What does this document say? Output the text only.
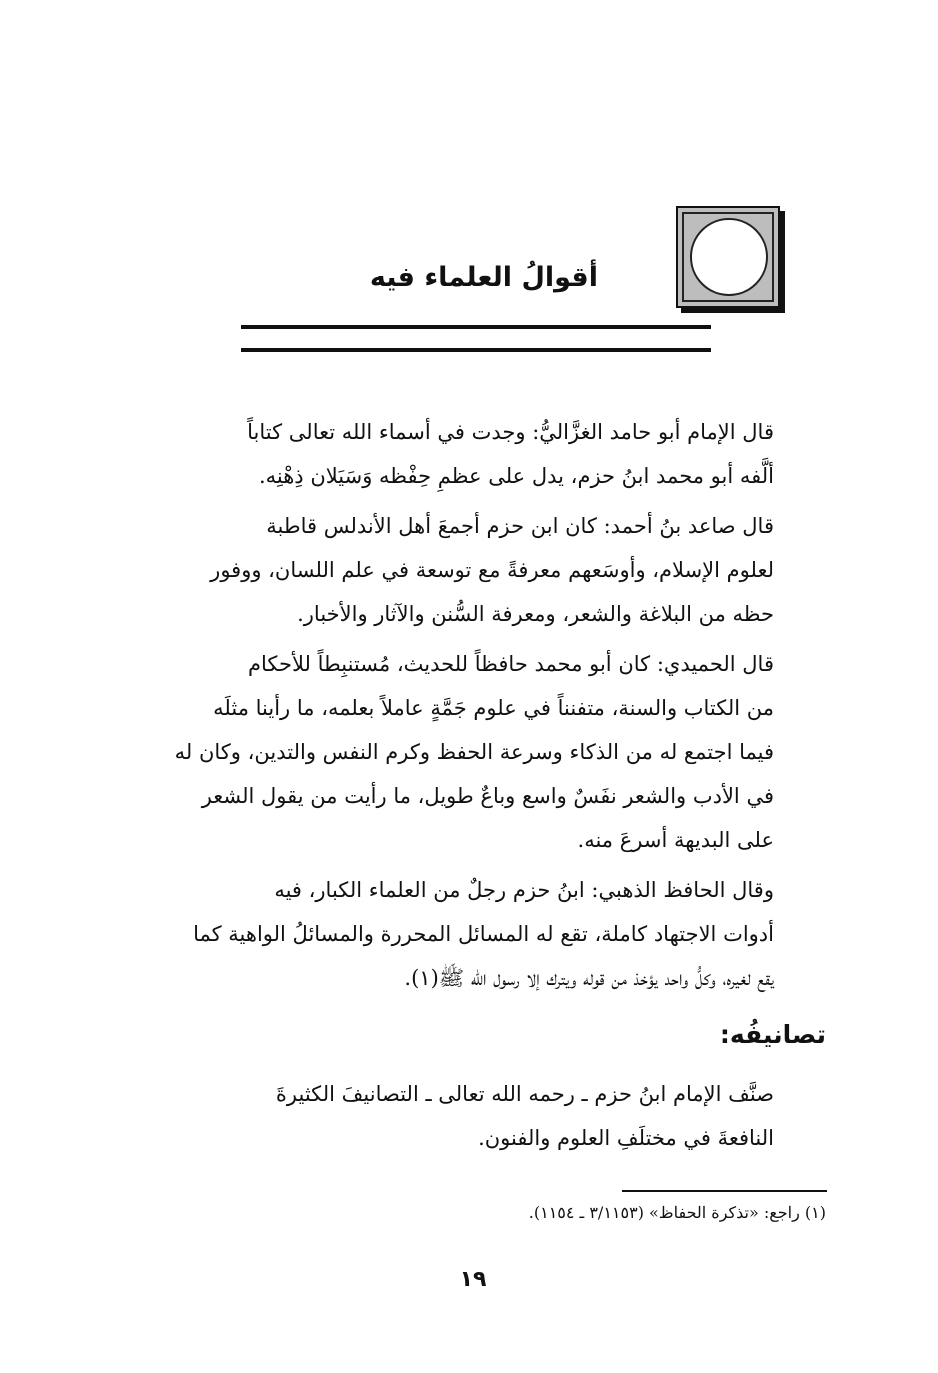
أقوالُ العلماء فيه

قال الإمام أبو حامد الغزَّاليُّ: وجدت في أسماء الله تعالى كتاباً
ألَّفه أبو محمد ابنُ حزم، يدل على عظمِ حِفْظه وَسَيَلان ذِهْنِه.

قال صاعد بنُ أحمد: كان ابن حزم أجمعَ أهل الأندلس قاطبة
لعلوم الإسلام، وأوسَعهم معرفةً مع توسعة في علم اللسان، ووفور
حظه من البلاغة والشعر، ومعرفة السُّنن والآثار والأخبار.

قال الحميدي: كان أبو محمد حافظاً للحديث، مُستنبِطاً للأحكام
من الكتاب والسنة، متفنناً في علوم جَمَّةٍ عاملاً بعلمه، ما رأينا مثلَه
فيما اجتمع له من الذكاء وسرعة الحفظ وكرم النفس والتدين، وكان له
في الأدب والشعر نفَسٌ واسع وباعٌ طويل، ما رأيت من يقول الشعر
على البديهة أسرعَ منه.

وقال الحافظ الذهبي: ابنُ حزم رجلٌ من العلماء الكبار، فيه
أدوات الاجتهاد كاملة، تقع له المسائل المحررة والمسائلُ الواهية كما
يقع لغيره، وكلُّ واحد يؤخذ من قوله ويترك إلا رسول الله ﷺ(١).

تصانيفُه:

صنَّف الإمام ابنُ حزم ـ رحمه الله تعالى ـ التصانيفَ الكثيرةَ
النافعةَ في مختلَفِ العلوم والفنون.

(١) راجع: «تذكرة الحفاظ» (٣/١١٥٣ ـ ١١٥٤).
١٩
